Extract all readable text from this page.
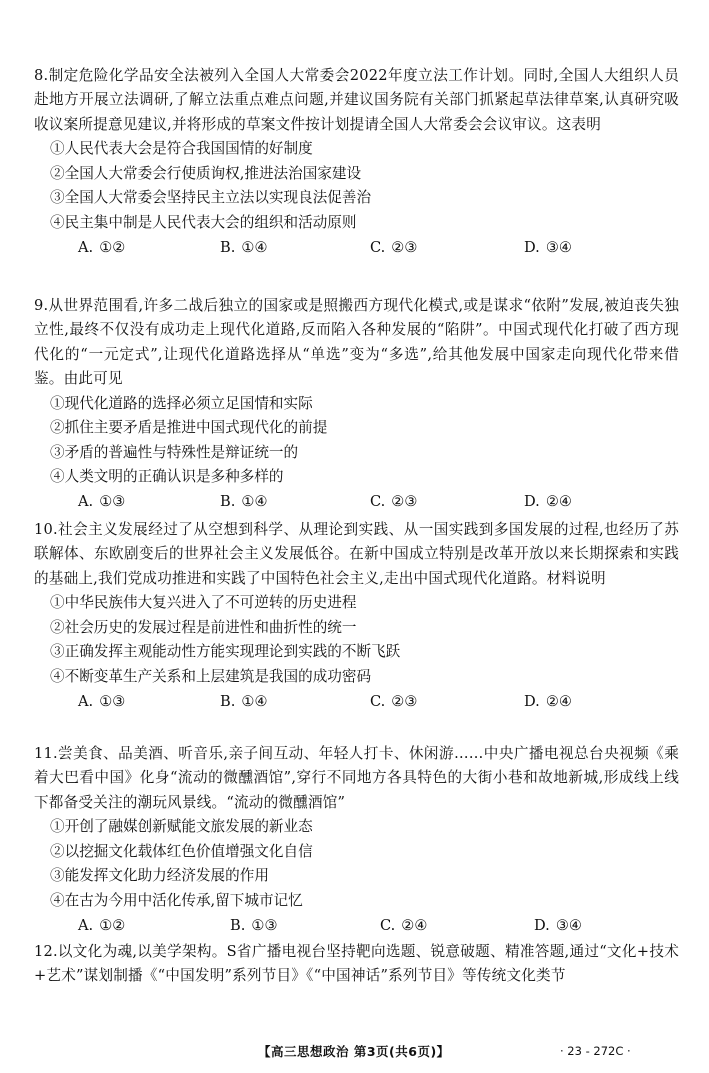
8.制定危险化学品安全法被列入全国人大常委会2022年度立法工作计划。同时,全国人大组织人员赴地方开展立法调研,了解立法重点难点问题,并建议国务院有关部门抓紧起草法律草案,认真研究吸收议案所提意见建议,并将形成的草案文件按计划提请全国人大常委会会议审议。这表明

①人民代表大会是符合我国国情的好制度

②全国人大常委会行使质询权,推进法治国家建设

③全国人大常委会坚持民主立法以实现良法促善治

④民主集中制是人民代表大会的组织和活动原则

A. ①②	B. ①④	C. ②③	D. ③④

9.从世界范围看,许多二战后独立的国家或是照搬西方现代化模式,或是谋求“依附”发展,被迫丧失独立性,最终不仅没有成功走上现代化道路,反而陷入各种发展的“陷阱”。中国式现代化打破了西方现代化的“一元定式”,让现代化道路选择从“单选”变为“多选”,给其他发展中国家走向现代化带来借鉴。由此可见

①现代化道路的选择必须立足国情和实际

②抓住主要矛盾是推进中国式现代化的前提

③矛盾的普遍性与特殊性是辩证统一的

④人类文明的正确认识是多种多样的

A. ①③	B. ①④	C. ②③	D. ②④

10.社会主义发展经过了从空想到科学、从理论到实践、从一国实践到多国发展的过程,也经历了苏联解体、东欧剧变后的世界社会主义发展低谷。在新中国成立特别是改革开放以来长期探索和实践的基础上,我们党成功推进和实践了中国特色社会主义,走出中国式现代化道路。材料说明

①中华民族伟大复兴进入了不可逆转的历史进程

②社会历史的发展过程是前进性和曲折性的统一

③正确发挥主观能动性方能实现理论到实践的不断飞跃

④不断变革生产关系和上层建筑是我国的成功密码

A. ①③	B. ①④	C. ②③	D. ②④

11.尝美食、品美酒、听音乐,亲子间互动、年轻人打卡、休闲游……中央广播电视总台央视频《乘着大巴看中国》化身“流动的微醺酒馆”,穿行不同地方各具特色的大街小巷和故地新城,形成线上线下都备受关注的潮玩风景线。“流动的微醺酒馆”

①开创了融媒创新赋能文旅发展的新业态

②以挖掘文化载体红色价值增强文化自信

③能发挥文化助力经济发展的作用

④在古为今用中活化传承,留下城市记忆

A. ①②	B. ①③	C. ②④	D. ③④

12.以文化为魂,以美学架构。S省广播电视台坚持靶向选题、锐意破题、精准答题,通过“文化+技术+艺术”谋划制播《“中国发明”系列节目》《“中国神话”系列节目》等传统文化类节

【高三思想政治 第3页(共6页)】	· 23 - 272C ·
